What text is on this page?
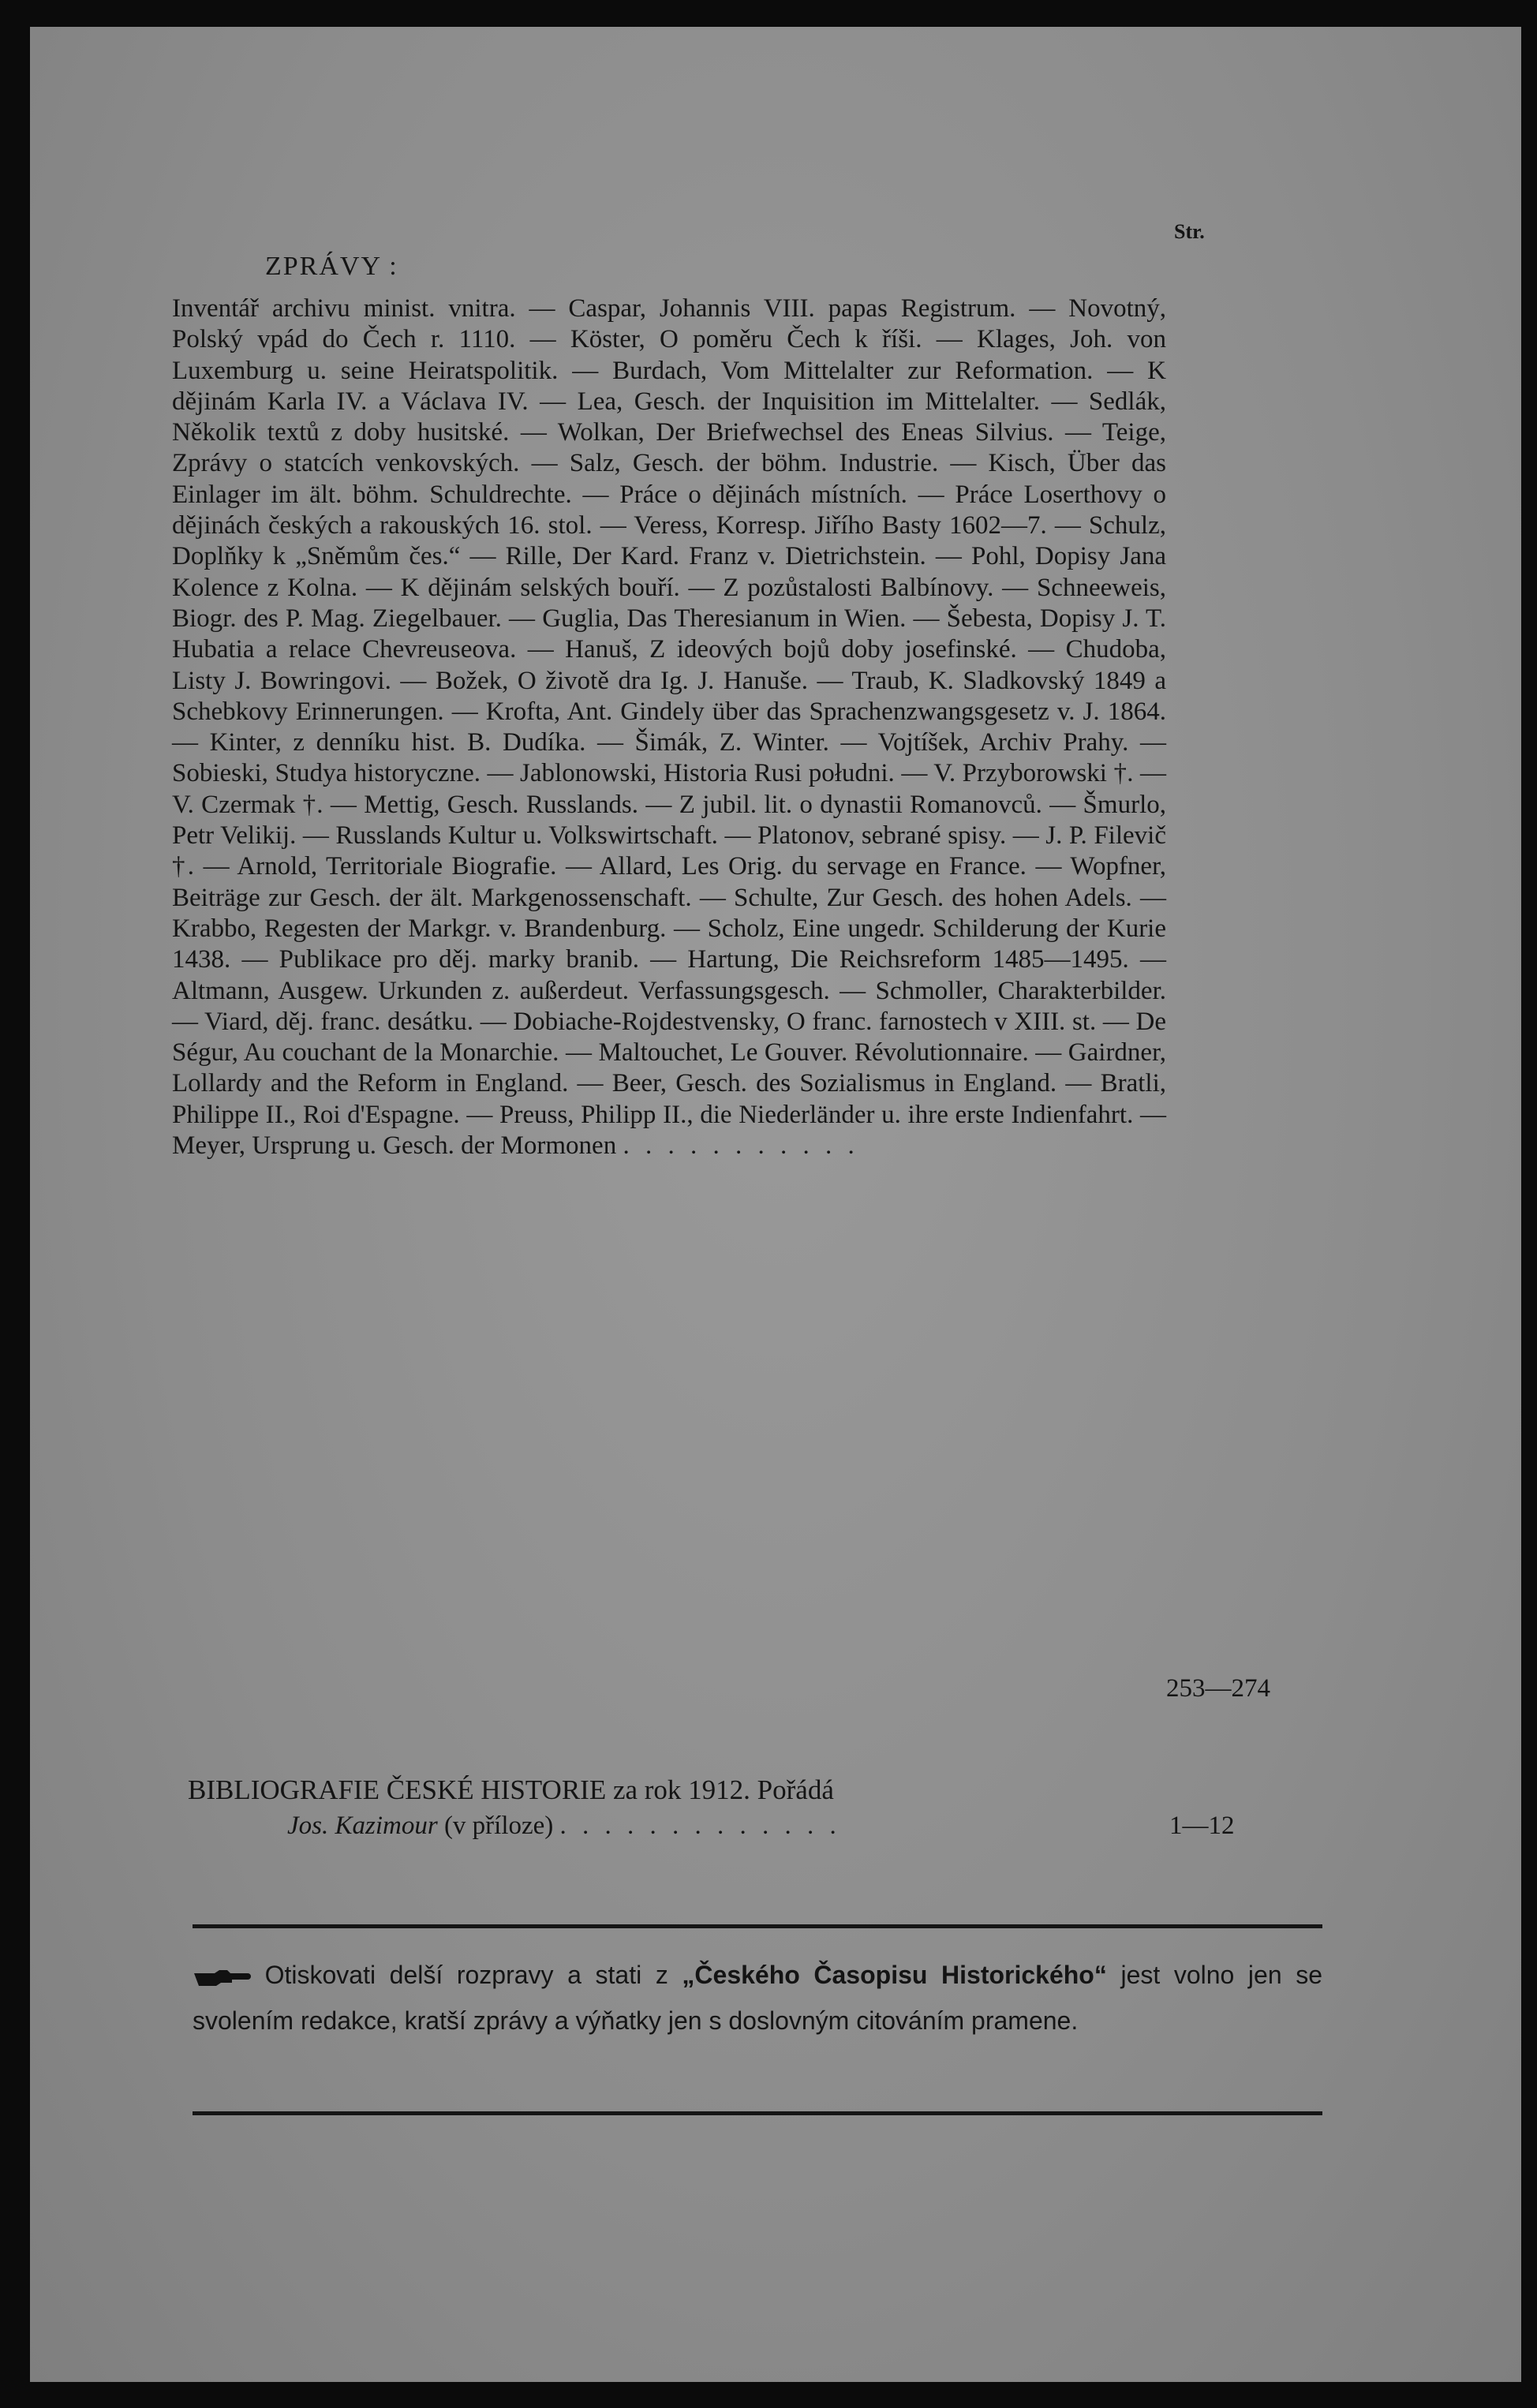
Str.
ZPRÁVY :
Inventář archivu minist. vnitra. — Caspar, Johannis VIII. papas Registrum. — Novotný, Polský vpád do Čech r. 1110. — Köster, O poměru Čech k říši. — Klages, Joh. von Luxemburg u. seine Heiratspolitik. — Burdach, Vom Mittelalter zur Reformation. — K dějinám Karla IV. a Václava IV. — Lea, Gesch. der Inquisition im Mittelalter. — Sedlák, Několik textů z doby husitské. — Wolkan, Der Briefwechsel des Eneas Silvius. — Teige, Zprávy o statcích venkovských. — Salz, Gesch. der böhm. Industrie. — Kisch, Über das Einlager im ält. böhm. Schuldrechte. — Práce o dějinách místních. — Práce Loserthovy o dějinách českých a rakouských 16. stol. — Veress, Korresp. Jiřího Basty 1602—7. — Schulz, Doplňky k „Sněmům čes.“ — Rille, Der Kard. Franz v. Dietrichstein. — Pohl, Dopisy Jana Kolence z Kolna. — K dějinám selských bouří. — Z pozůstalosti Balbínovy. — Schneeweis, Biogr. des P. Mag. Ziegelbauer. — Guglia, Das Theresianum in Wien. — Šebesta, Dopisy J. T. Hubatia a relace Chevreuseova. — Hanuš, Z ideových bojů doby josefinské. — Chudoba, Listy J. Bowringovi. — Božek, O životě dra Ig. J. Hanuše. — Traub, K. Sladkovský 1849 a Schebkovy Erinnerungen. — Krofta, Ant. Gindely über das Sprachenzwangsgesetz v. J. 1864. — Kinter, z denníku hist. B. Dudíka. — Šimák, Z. Winter. — Vojtíšek, Archiv Prahy. — Sobieski, Studya historyczne. — Jablonowski, Historia Rusi południ. — V. Przyborowski †. — V. Czermak †. — Mettig, Gesch. Russlands. — Z jubil. lit. o dynastii Romanovců. — Šmurlo, Petr Velikij. — Russlands Kultur u. Volkswirtschaft. — Platonov, sebrané spisy. — J. P. Filevič †. — Arnold, Territoriale Biografie. — Allard, Les Orig. du servage en France. — Wopfner, Beiträge zur Gesch. der ält. Markgenossenschaft. — Schulte, Zur Gesch. des hohen Adels. — Krabbo, Regesten der Markgr. v. Brandenburg. — Scholz, Eine ungedr. Schilderung der Kurie 1438. — Publikace pro děj. marky branib. — Hartung, Die Reichsreform 1485—1495. — Altmann, Ausgew. Urkunden z. außerdeut. Verfassungsgesch. — Schmoller, Charakterbilder. — Viard, děj. franc. desátku. — Dobiache-Rojdestvensky, O franc. farnostech v XIII. st. — De Ségur, Au couchant de la Monarchie. — Maltouchet, Le Gouver. Révolutionnaire. — Gairdner, Lollardy and the Reform in England. — Beer, Gesch. des Sozialismus in England. — Bratli, Philippe II., Roi d'Espagne. — Preuss, Philipp II., die Niederländer u. ihre erste Indienfahrt. — Meyer, Ursprung u. Gesch. der Mormonen . . . . . . . . . . .
253—274
BIBLIOGRAFIE ČESKÉ HISTORIE za rok 1912. Pořádá
Jos. Kazimour (v příloze) . . . . . . . . . . . . .	1—12
Otiskovati delší rozpravy a stati z „Českého Časopisu Historického“ jest volno jen se svolením redakce, kratší zprávy a výňatky jen s doslovným citováním pramene.
